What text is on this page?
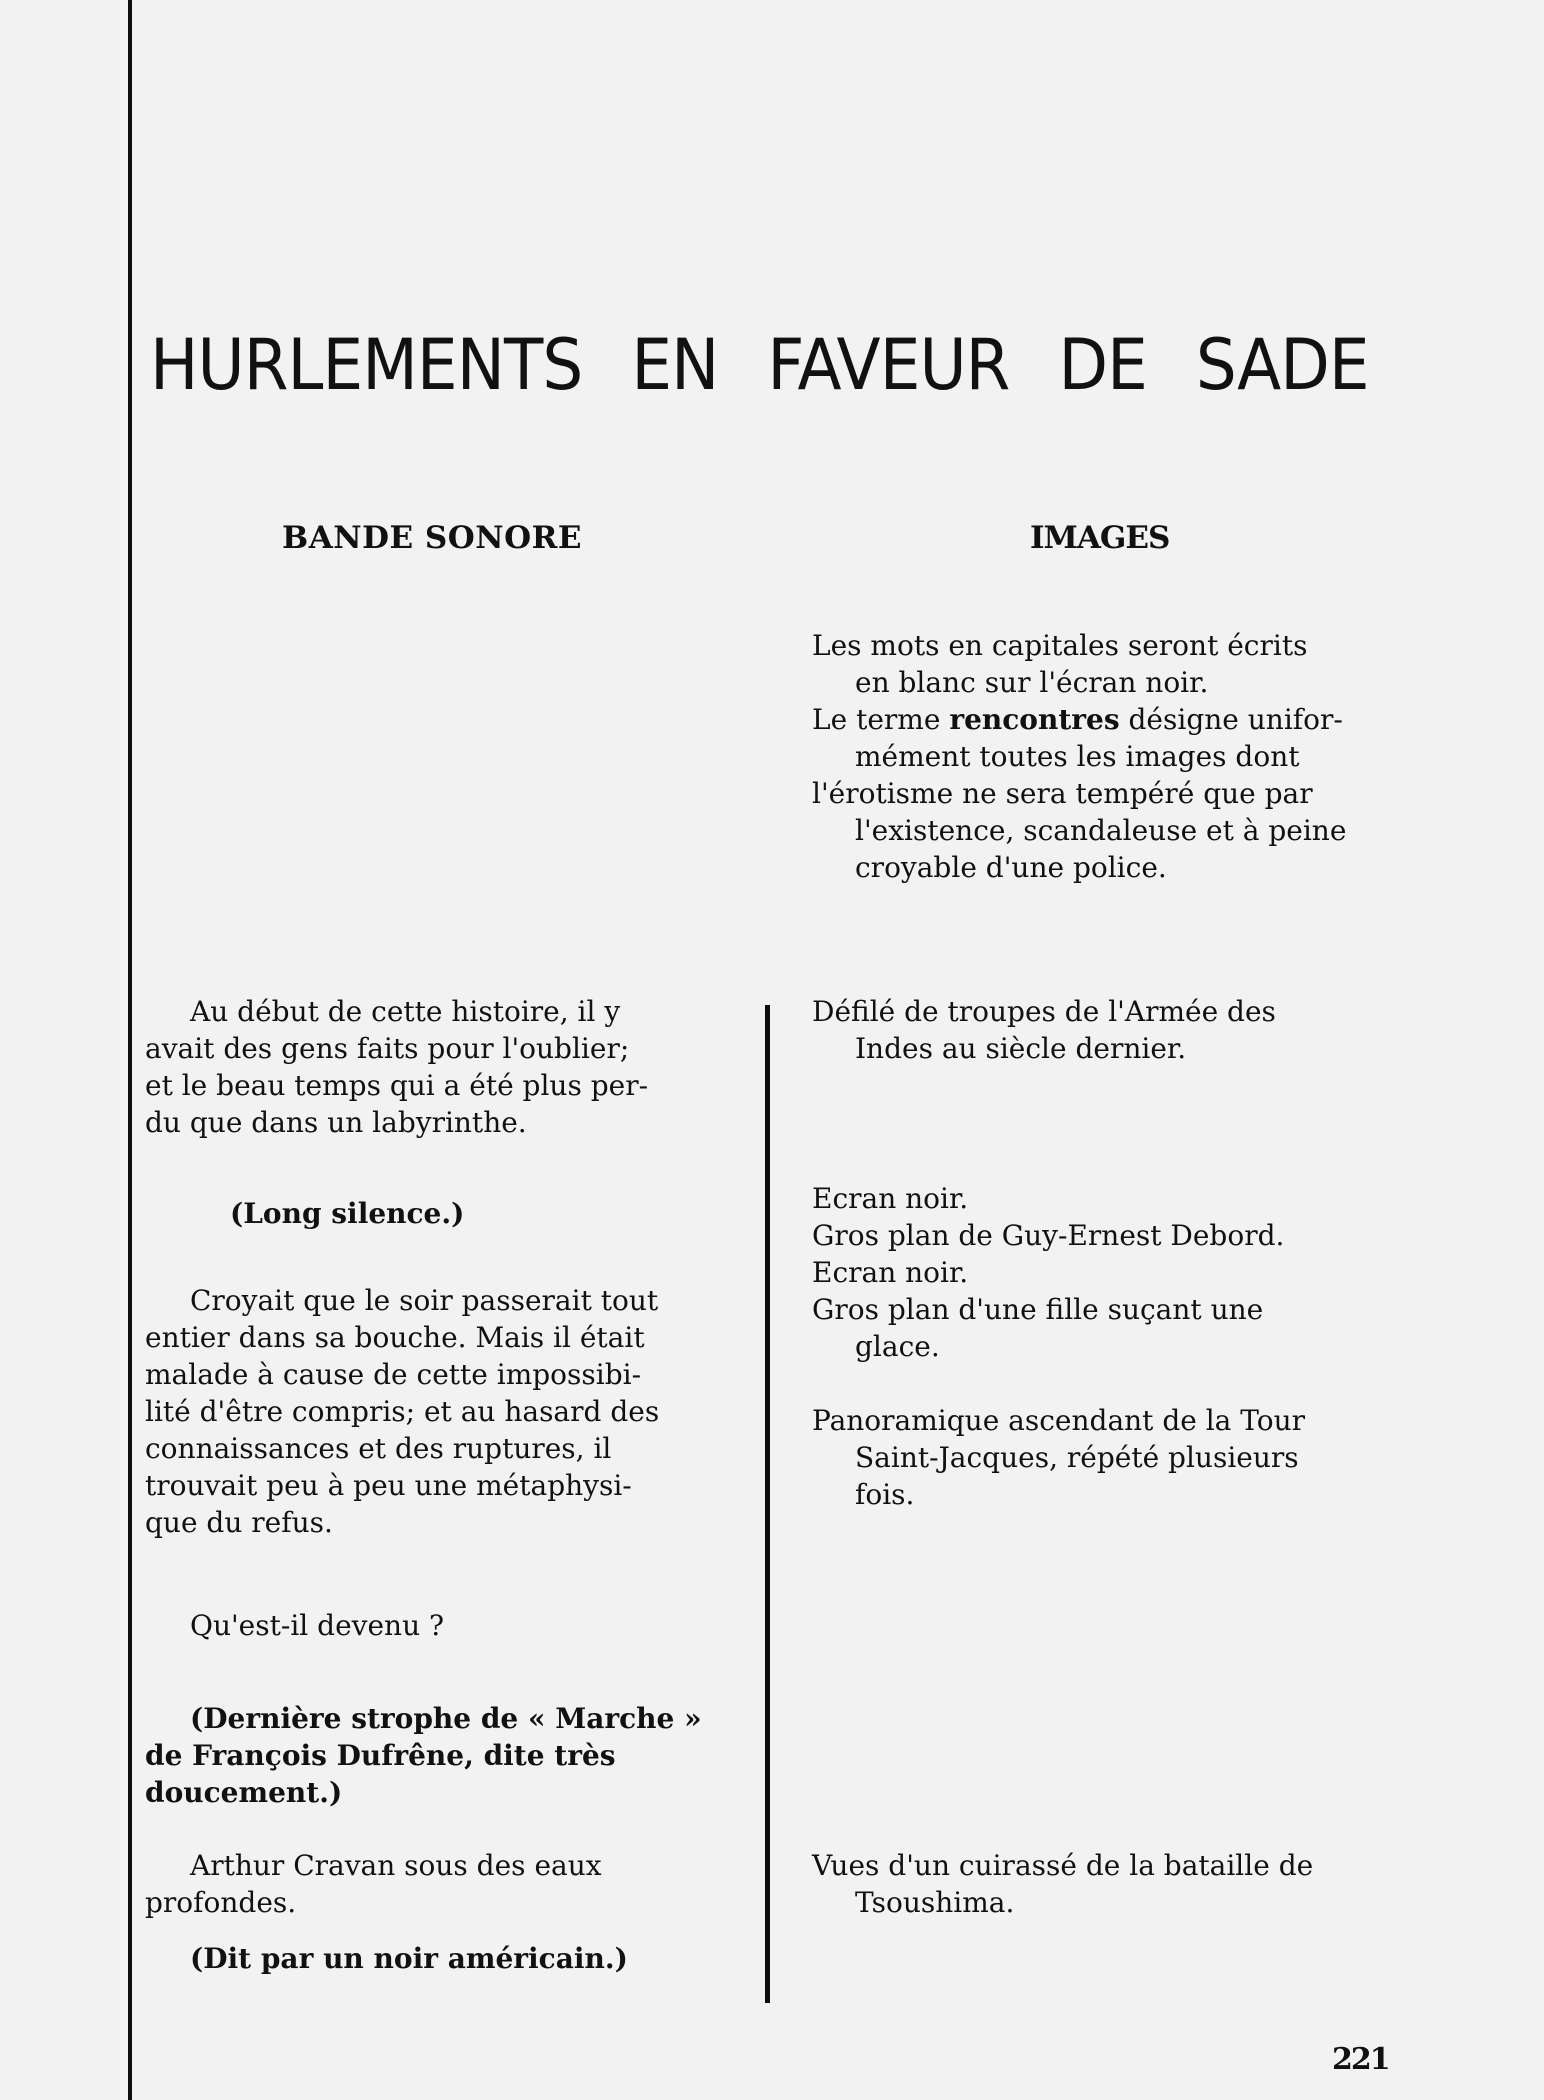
HURLEMENTS EN FAVEUR DE SADE
BANDE SONORE	IMAGES
Les mots en capitales seront écrits
en blanc sur l'écran noir.
Le terme rencontres désigne unifor-
mément toutes les images dont
l'érotisme ne sera tempéré que par
l'existence, scandaleuse et à peine
croyable d'une police.
Défilé de troupes de l'Armée des
Indes au siècle dernier.
Ecran noir.
Gros plan de Guy-Ernest Debord.
Ecran noir.
Gros plan d'une fille suçant une
glace.
Panoramique ascendant de la Tour
Saint-Jacques, répété plusieurs
fois.
Vues d'un cuirassé de la bataille de
Tsoushima.
Au début de cette histoire, il y
avait des gens faits pour l'oublier;
et le beau temps qui a été plus per-
du que dans un labyrinthe.
(Long silence.)
Croyait que le soir passerait tout
entier dans sa bouche. Mais il était
malade à cause de cette impossibi-
lité d'être compris; et au hasard des
connaissances et des ruptures, il
trouvait peu à peu une métaphysi-
que du refus.
Qu'est-il devenu ?
(Dernière strophe de « Marche »
de François Dufrêne, dite très
doucement.)
Arthur Cravan sous des eaux
profondes.
(Dit par un noir américain.)
221
